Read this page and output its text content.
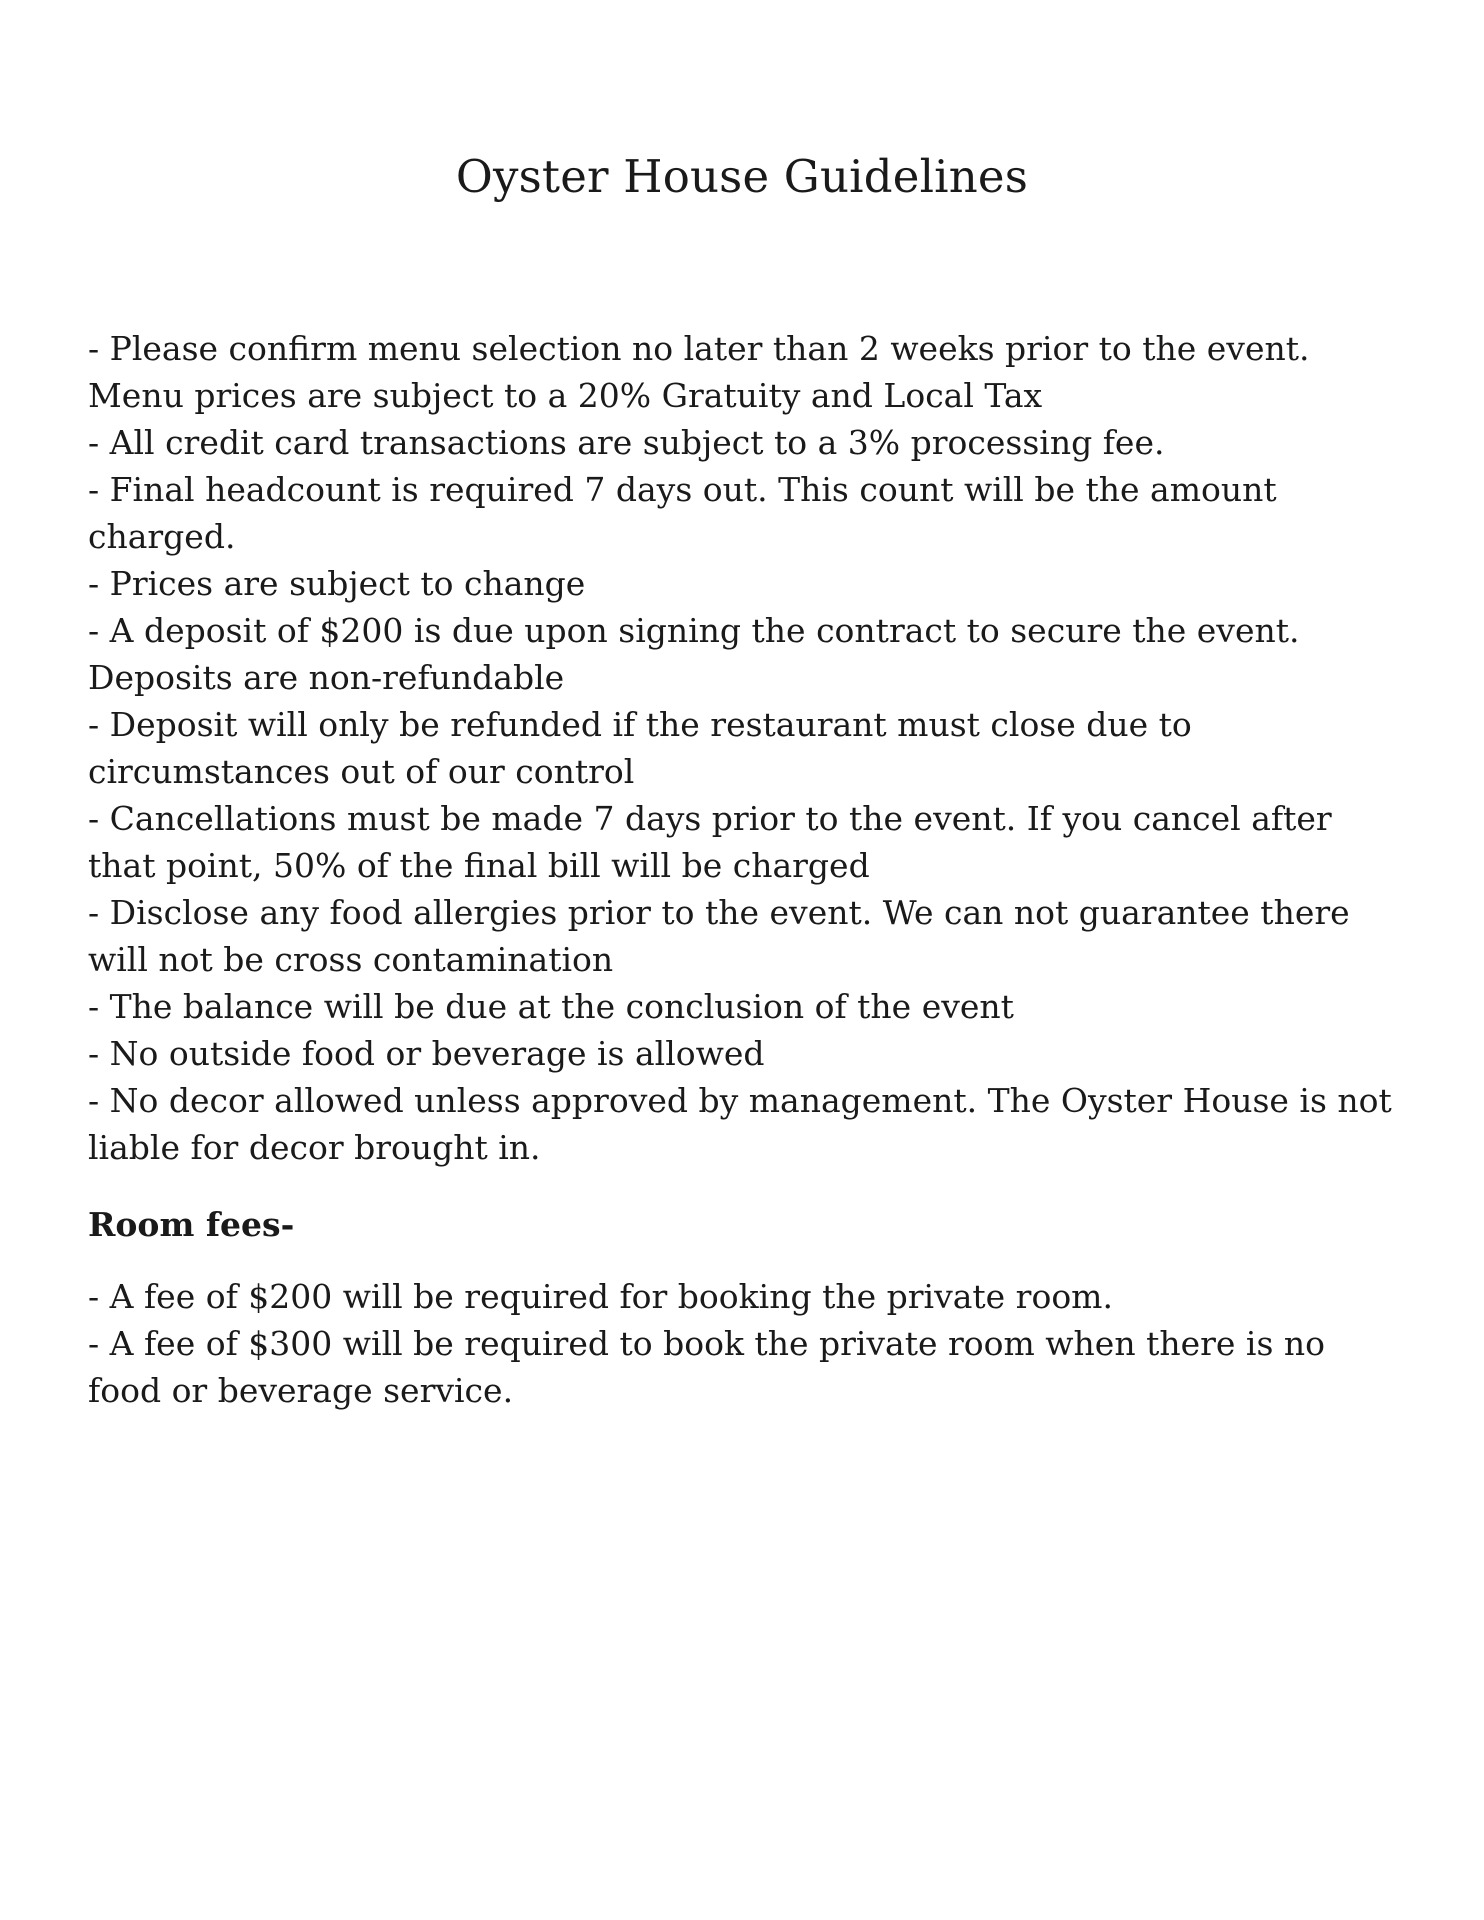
Oyster House Guidelines
- Please confirm menu selection no later than 2 weeks prior to the event. Menu prices are subject to a 20% Gratuity and Local Tax
- All credit card transactions are subject to a 3% processing fee.
- Final headcount is required 7 days out. This count will be the amount charged.
- Prices are subject to change
- A deposit of $200 is due upon signing the contract to secure the event. Deposits are non-refundable
- Deposit will only be refunded if the restaurant must close due to circumstances out of our control
- Cancellations must be made 7 days prior to the event. If you cancel after that point, 50% of the final bill will be charged
- Disclose any food allergies prior to the event. We can not guarantee there will not be cross contamination
- The balance will be due at the conclusion of the event
- No outside food or beverage is allowed
- No decor allowed unless approved by management. The Oyster House is not liable for decor brought in.
Room fees-
- A fee of $200 will be required for booking the private room.
- A fee of $300 will be required to book the private room when there is no food or beverage service.
